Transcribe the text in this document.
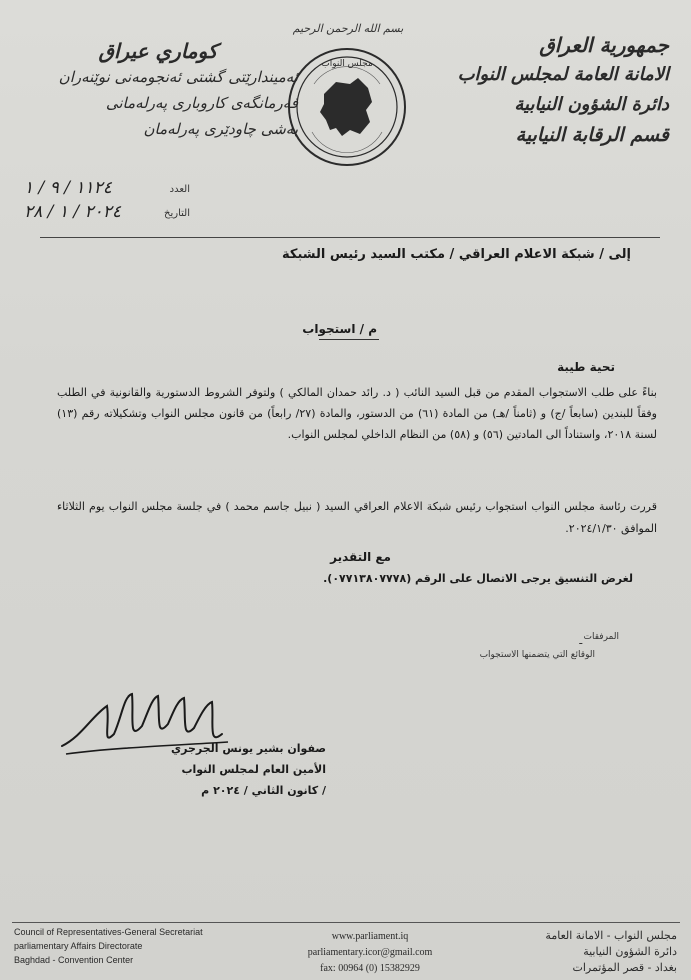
جمهورية العراق
الامانة العامة لمجلس النواب
دائرة الشؤون النيابية
قسم الرقابة النيابية
كوماري عيراق
ئەمیندارێتی گشتی ئەنجومەنی نوێنەران
فەرمانگەی كاروباری پەرلەمانی
بەشی چاودێری پەرلەمان
بسم الله الرحمن الرحيم
مجلس النواب
العدد
١١٢٤ / ٩ / ١
التاريخ
٢٠٢٤ / ١ / ٢٨
إلى / شبكة الاعلام العراقي / مكتب السيد رئيس الشبكة
م / استجواب
تحية طيبة
بناءً على طلب الاستجواب المقدم من قبل السيد النائب ( د. رائد حمدان المالكي ) ولتوفر الشروط الدستورية والقانونية في الطلب وفقاً للبندين (سابعاً /ج) و (ثامناً /هـ) من المادة (٦١) من الدستور، والمادة (٢٧/ رابعاً) من قانون مجلس النواب وتشكيلاته رقم (١٣) لسنة ٢٠١٨، واستناداً الى المادتين (٥٦) و (٥٨) من النظام الداخلي لمجلس النواب.
قررت رئاسة مجلس النواب استجواب رئيس شبكة الاعلام العراقي السيد ( نبيل جاسم محمد ) في جلسة مجلس النواب يوم الثلاثاء الموافق ٢٠٢٤/١/٣٠.
مع التقدير
لغرض التنسيق يرجى الاتصال على الرقم (٠٧٧١٣٨٠٧٧٧٨).
المرفقات
-
الوقائع التي يتضمنها الاستجواب
صفوان بشير يونس الجرجري
الأمين العام لمجلس النواب
/ كانون الثاني / ٢٠٢٤ م
Council of Representatives-General Secretariat
parliamentary Affairs Directorate
Baghdad - Convention Center
www.parliament.iq
parliamentary.icor@gmail.com
fax: 00964 (0) 15382929
مجلس النواب - الامانة العامة
دائرة الشؤون النيابية
بغداد - قصر المؤتمرات
